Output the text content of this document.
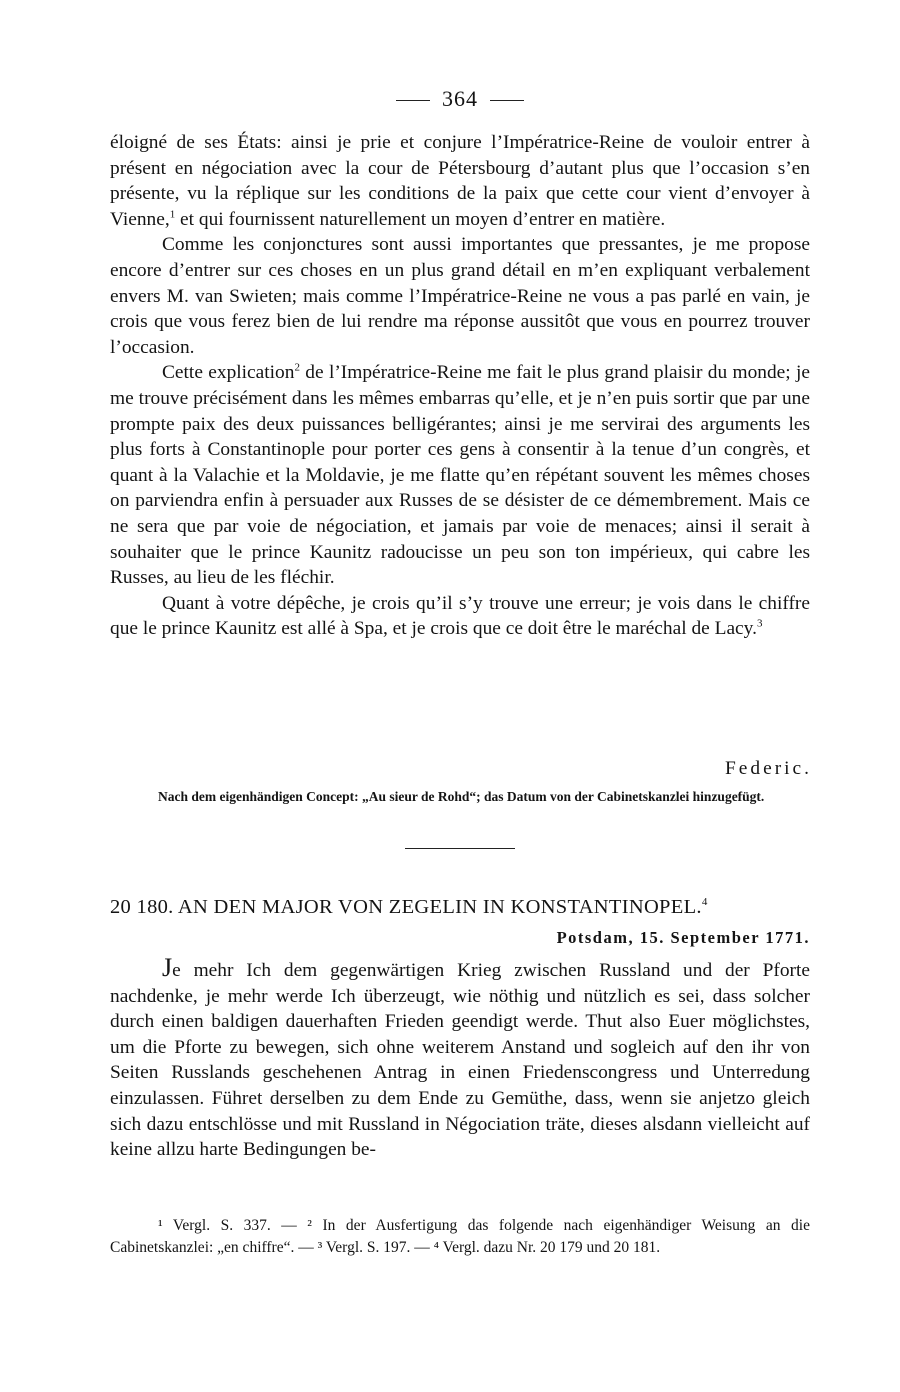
364

éloigné de ses États: ainsi je prie et conjure l’Impératrice-Reine de vouloir entrer à présent en négociation avec la cour de Pétersbourg d’autant plus que l’occasion s’en présente, vu la réplique sur les conditions de la paix que cette cour vient d’envoyer à Vienne,$^1$ et qui fournissent naturellement un moyen d’entrer en matière.

Comme les conjonctures sont aussi importantes que pressantes, je me propose encore d’entrer sur ces choses en un plus grand détail en m’en expliquant verbalement envers M. van Swieten; mais comme l’Impératrice-Reine ne vous a pas parlé en vain, je crois que vous ferez bien de lui rendre ma réponse aussitôt que vous en pourrez trouver l’occasion.

Cette explication$^2$ de l’Impératrice-Reine me fait le plus grand plaisir du monde; je me trouve précisément dans les mêmes embarras qu’elle, et je n’en puis sortir que par une prompte paix des deux puissances belligérantes; ainsi je me servirai des arguments les plus forts à Constantinople pour porter ces gens à consentir à la tenue d’un congrès, et quant à la Valachie et la Moldavie, je me flatte qu’en répétant souvent les mêmes choses on parviendra enfin à persuader aux Russes de se désister de ce démembrement. Mais ce ne sera que par voie de négociation, et jamais par voie de menaces; ainsi il serait à souhaiter que le prince Kaunitz radoucisse un peu son ton impérieux, qui cabre les Russes, au lieu de les fléchir.

Quant à votre dépêche, je crois qu’il s’y trouve une erreur; je vois dans le chiffre que le prince Kaunitz est allé à Spa, et je crois que ce doit être le maréchal de Lacy.$^3$

Federic.
Nach dem eigenhändigen Concept: „Au sieur de Rohd“; das Datum von der Cabinetskanzlei hinzugefügt.
20 180. AN DEN MAJOR VON ZEGELIN IN KONSTANTINOPEL.$^4$
Potsdam, 15. September 1771.

Je mehr Ich dem gegenwärtigen Krieg zwischen Russland und der Pforte nachdenke, je mehr werde Ich überzeugt, wie nöthig und nützlich es sei, dass solcher durch einen baldigen dauerhaften Frieden geendigt werde. Thut also Euer möglichstes, um die Pforte zu bewegen, sich ohne weiterem Anstand und sogleich auf den ihr von Seiten Russlands geschehenen Antrag in einen Friedenscongress und Unterredung einzulassen. Führet derselben zu dem Ende zu Gemüthe, dass, wenn sie anjetzo gleich sich dazu entschlösse und mit Russland in Négociation träte, dieses alsdann vielleicht auf keine allzu harte Bedingungen be-

¹ Vergl. S. 337. — ² In der Ausfertigung das folgende nach eigenhändiger Weisung an die Cabinetskanzlei: „en chiffre“. — ³ Vergl. S. 197. — ⁴ Vergl. dazu Nr. 20 179 und 20 181.
